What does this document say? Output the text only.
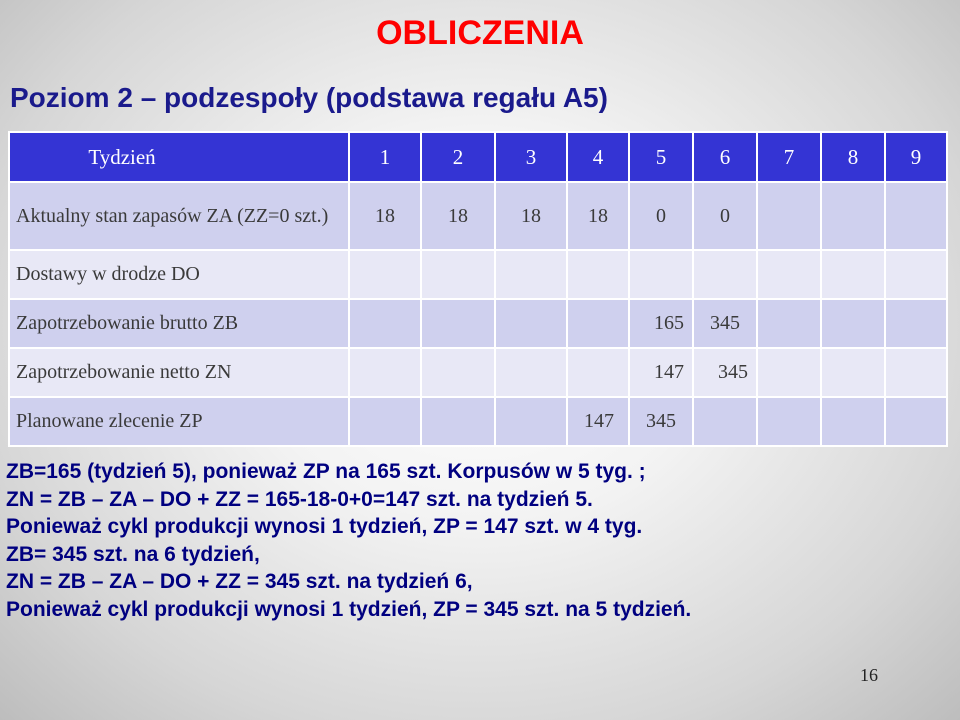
OBLICZENIA
Poziom 2 – podzespoły (podstawa regału A5)
Tydzień	1	2	3	4	5	6	7	8	9
Aktualny stan zapasów ZA (ZZ=0 szt.)	18	18	18	18	0	0			
Dostawy w drodze DO									
Zapotrzebowanie brutto ZB					165	345			
Zapotrzebowanie netto ZN					147	345			
Planowane zlecenie ZP				147	345				
ZB=165 (tydzień 5), ponieważ ZP na 165 szt. Korpusów w 5 tyg. ;
ZN = ZB – ZA – DO + ZZ = 165-18-0+0=147 szt. na tydzień 5.
Ponieważ cykl produkcji wynosi 1 tydzień, ZP = 147 szt. w 4 tyg.
ZB= 345 szt. na 6 tydzień,
ZN = ZB – ZA – DO + ZZ = 345 szt. na tydzień 6,
Ponieważ cykl produkcji wynosi 1 tydzień, ZP = 345 szt. na 5 tydzień.
16
